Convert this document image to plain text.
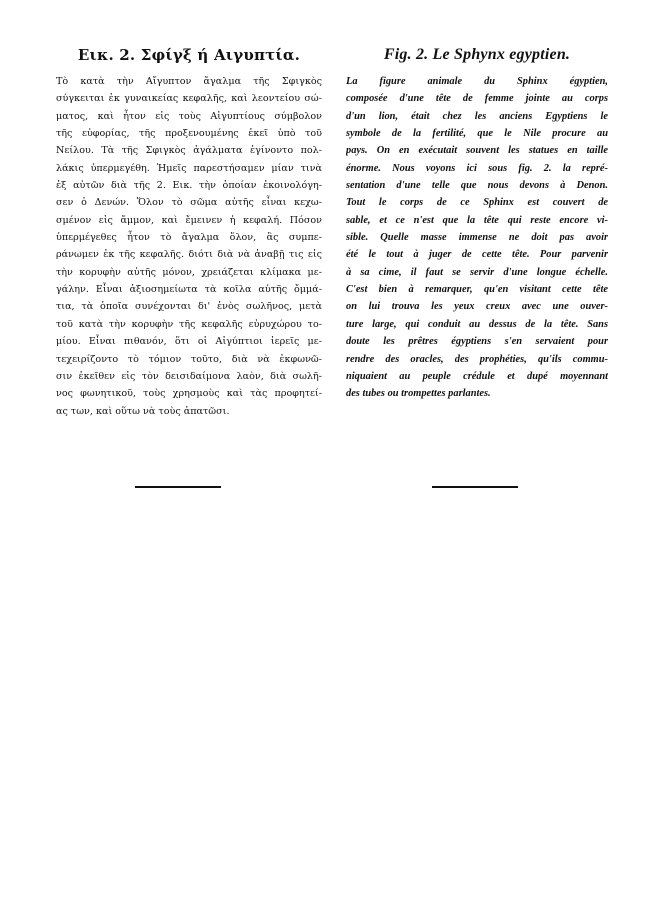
Εικ. 2. Σφίγξ ή Αιγυπτία.
Τὸ κατὰ τὴν Αἴγυπτον ἄγαλμα τῆς Σφιγκὸς
σύγκειται ἐκ γυναικείας κεφαλῆς, καὶ λεοντείου σώ-
ματος, καὶ ἦτον εἰς τοὺς Αἰγυπτίους σύμβολον
τῆς εὐφορίας, τῆς προξενουμένης ἐκεῖ ὑπὸ τοῦ
Νείλου. Τὰ τῆς Σφιγκὸς ἀγάλματα ἐγίνοντο πολ-
λάκις ὑπερμεγέθη. Ἡμεῖς παρεστήσαμεν μίαν τινὰ
ἐξ αὐτῶν διὰ τῆς 2. Εικ. τὴν ὁποίαν ἐκοινολόγη-
σεν ὁ Δενών. Ὅλον τὸ σῶμα αὐτῆς εἶναι κεχω-
σμένον εἰς ἄμμον, καὶ ἔμεινεν ἡ κεφαλή. Πόσον
ὑπερμέγεθες ἦτον τὸ ἄγαλμα ὅλον, ἂς συμπε-
ράνωμεν ἐκ τῆς κεφαλῆς. διότι διὰ νὰ ἀναβῇ τις εἰς
τὴν κορυφὴν αὐτῆς μόνον, χρειάζεται κλίμακα με-
γάλην. Εἶναι ἀξιοσημείωτα τὰ κοῖλα αὐτῆς ὄμμά-
τια, τὰ ὁποῖα συνέχονται δι' ἑνὸς σωλῆνος, μετὰ
τοῦ κατὰ τὴν κορυφὴν τῆς κεφαλῆς εὐρυχώρου το-
μίου. Εἶναι πιθανόν, ὅτι οἱ Αἰγύπτιοι ἱερεῖς με-
τεχειρίζοντο τὸ τόμιον τοῦτο, διὰ νὰ ἐκφωνῶ-
σιν ἐκεῖθεν εἰς τὸν δεισιδαίμονα λαὸν, διὰ σωλῆ-
νος φωνητικοῦ, τοὺς χρησμοὺς καὶ τὰς προφητεί-
ας των, καὶ οὕτω νὰ τοὺς ἀπατῶσι.
Fig. 2. Le Sphynx egyptien.
La figure animale du Sphinx égyptien,
composée d'une tête de femme jointe au corps
d'un lion, était chez les anciens Egyptiens le
symbole de la fertilité, que le Nile procure au
pays. On en exécutait souvent les statues en taille
énorme. Nous voyons ici sous fig. 2. la repré-
sentation d'une telle que nous devons à Denon.
Tout le corps de ce Sphinx est couvert de
sable, et ce n'est que la tête qui reste encore vi-
sible. Quelle masse immense ne doit pas avoir
été le tout à juger de cette tête. Pour parvenir
à sa cime, il faut se servir d'une longue échelle.
C'est bien à remarquer, qu'en visitant cette tête
on lui trouva les yeux creux avec une ouver-
ture large, qui conduit au dessus de la tête. Sans
doute les prêtres égyptiens s'en servaient pour
rendre des oracles, des prophéties, qu'ils commu-
niquaient au peuple crédule et dupé moyennant
des tubes ou trompettes parlantes.
